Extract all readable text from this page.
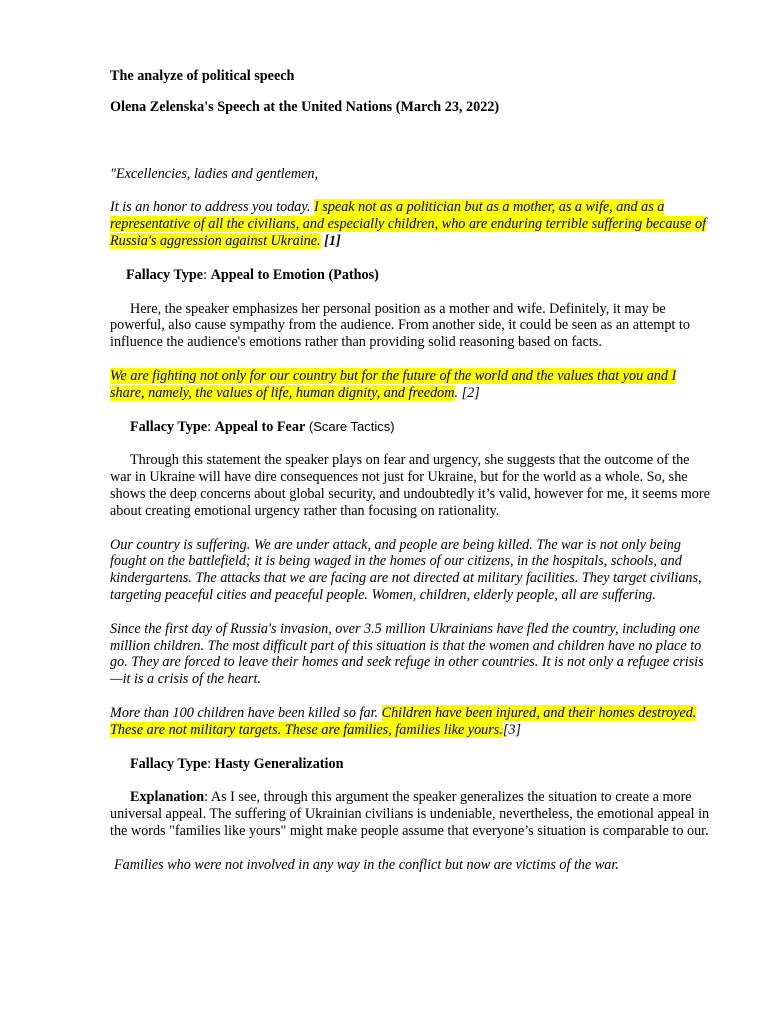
The analyze of political speech

Olena Zelenska's Speech at the United Nations (March 23, 2022)

"Excellencies, ladies and gentlemen,

It is an honor to address you today. I speak not as a politician but as a mother, as a wife, and as a representative of all the civilians, and especially children, who are enduring terrible suffering because of Russia's aggression against Ukraine. [1]

Fallacy Type: Appeal to Emotion (Pathos)

Here, the speaker emphasizes her personal position as a mother and wife. Definitely, it may be powerful, also cause sympathy from the audience. From another side, it could be seen as an attempt to influence the audience's emotions rather than providing solid reasoning based on facts.

We are fighting not only for our country but for the future of the world and the values that you and I share, namely, the values of life, human dignity, and freedom. [2]

Fallacy Type: Appeal to Fear (Scare Tactics)

Through this statement the speaker plays on fear and urgency, she suggests that the outcome of the war in Ukraine will have dire consequences not just for Ukraine, but for the world as a whole. So, she shows the deep concerns about global security, and undoubtedly it’s valid, however for me, it seems more about creating emotional urgency rather than focusing on rationality.

Our country is suffering. We are under attack, and people are being killed. The war is not only being fought on the battlefield; it is being waged in the homes of our citizens, in the hospitals, schools, and kindergartens. The attacks that we are facing are not directed at military facilities. They target civilians, targeting peaceful cities and peaceful people. Women, children, elderly people, all are suffering.

Since the first day of Russia's invasion, over 3.5 million Ukrainians have fled the country, including one million children. The most difficult part of this situation is that the women and children have no place to go. They are forced to leave their homes and seek refuge in other countries. It is not only a refugee crisis—it is a crisis of the heart.

More than 100 children have been killed so far. Children have been injured, and their homes destroyed. These are not military targets. These are families, families like yours.[3]

Fallacy Type: Hasty Generalization

Explanation: As I see, through this argument the speaker generalizes the situation to create a more universal appeal. The suffering of Ukrainian civilians is undeniable, nevertheless, the emotional appeal in the words "families like yours" might make people assume that everyone’s situation is comparable to our.

Families who were not involved in any way in the conflict but now are victims of the war.
